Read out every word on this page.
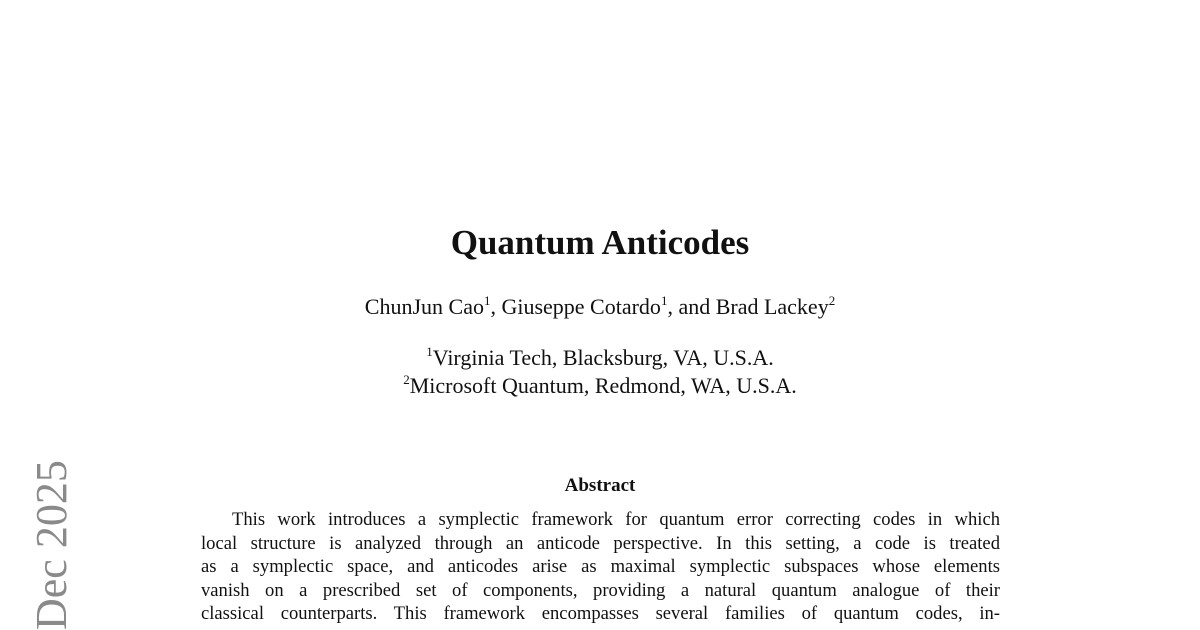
Quantum Anticodes
ChunJun Cao$^1$, Giuseppe Cotardo$^1$, and Brad Lackey$^2$
$^1$Virginia Tech, Blacksburg, VA, U.S.A.
$^2$Microsoft Quantum, Redmond, WA, U.S.A.
Abstract
This work introduces a symplectic framework for quantum error correcting codes in which
local structure is analyzed through an anticode perspective. In this setting, a code is treated
as a symplectic space, and anticodes arise as maximal symplectic subspaces whose elements
vanish on a prescribed set of components, providing a natural quantum analogue of their
classical counterparts. This framework encompasses several families of quantum codes, in-
Dec 2025
